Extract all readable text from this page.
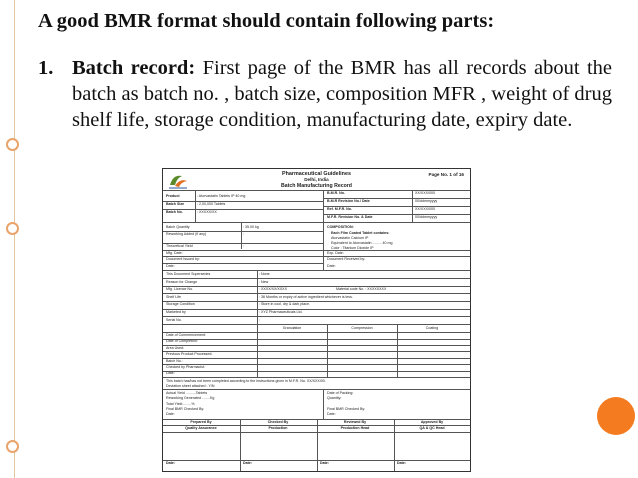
A good BMR format should contain following parts:
1. Batch record: First page of the BMR has all records about the batch as batch no. , batch size, composition MFR , weight of drug shelf life, storage condition, manufacturing date, expiry date.
Pharmaceutical Guidelines
Delhi, India
Batch Manufacturing Record
Page No. 1 of 16
Product	: Atorvastatin Tablets IP 40 mg
Batch Size	: 2,00,000 Tablets
Batch No.	: XXXXX/XX
B.M.R. No.	XX/XXX/000
B.M.R Revision No./ Date	00/ddmmyyyy
Ref. M.F.R. No.	XX/XXX/000
M.F.R. Revision No. & Date	00/ddmmyyyy
Batch Quantity	: 35.00 kg
Reworking Added (if any)	:
Theoretical Yield	:
Mfg. Date:
Document Issued by:
Date:
COMPOSITION:
Each Film Coated Tablet contains:
Atorvastatin Calcium IP
Equivalent to Atorvastatin ......... 40 mg
Color : Titanium Dioxide IP
Exp. Date:
Document Received by:
Date:
This Document Supersedes	: None
Reason for Change	: New
Mfg. Licence No.	: XXXX/XX/XXXX	Material code No. : XXXXXXXX
Shelf Life	: 36 Months or expiry of active ingredient whichever is less.
Storage Condition	: Store in cool, dry & dark place.
Marketed by	: XYZ Pharmaceuticals Ltd.
Serial No.	:
Granulation	Compression	Coating
Date of Commencement:
Date of Completion:
Area Used:
Previous Product Processed:
Batch No.:
Checked by Pharmacist:
Date:
This batch has/has not been completed according to the instructions given in M.F.R. No. XX/XXX/00.
Deviation sheet attached : Y/N
Actual Yield ..........Tablets
Reworking Generated ........Kg
Total Yield ........%
Final BMR Checked By:
Date:
Date of Packing:
Quantity:
Final BMR Checked By:
Date:
Prepared By	Checked By	Reviewed By	Approved By
Quality Assurance	Production	Production Head	QA & QC Head
Date:	Date:	Date:	Date:
